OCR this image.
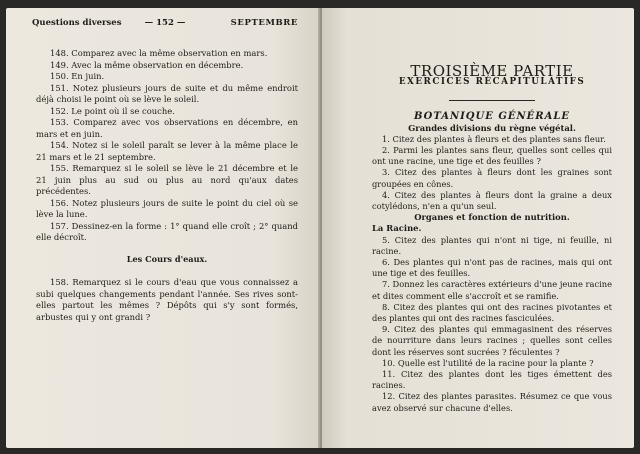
Questions diverses	— 152 —	SEPTEMBRE

148. Comparez avec la même observation en mars.

149. Avec la même observation en décembre.

150. En juin.

151. Notez plusieurs jours de suite et du même endroit déjà choisi le point où se lève le soleil.

152. Le point où il se couche.

153. Comparez avec vos observations en décembre, en mars et en juin.

154. Notez si le soleil paraît se lever à la même place le 21 mars et le 21 septembre.

155. Remarquez si le soleil se lève le 21 décembre et le 21 juin plus au sud ou plus au nord qu'aux dates précédentes.

156. Notez plusieurs jours de suite le point du ciel où se lève la lune.

157. Dessinez-en la forme : 1° quand elle croît ; 2° quand elle décroît.

Les Cours d'eaux.

158. Remarquez si le cours d'eau que vous connaissez a subi quelques changements pendant l'année. Ses rives sont-elles partout les mêmes ? Dépôts qui s'y sont formés, arbustes qui y ont grandi ?

TROISIÈME PARTIE

EXERCICES RÉCAPITULATIFS

BOTANIQUE GÉNÉRALE

Grandes divisions du règne végétal.

1. Citez des plantes à fleurs et des plantes sans fleur.

2. Parmi les plantes sans fleur, quelles sont celles qui ont une racine, une tige et des feuilles ?

3. Citez des plantes à fleurs dont les graines sont groupées en cônes.

4. Citez des plantes à fleurs dont la graine a deux cotylédons, n'en a qu'un seul.

Organes et fonction de nutrition.

La Racine.

5. Citez des plantes qui n'ont ni tige, ni feuille, ni racine.

6. Des plantes qui n'ont pas de racines, mais qui ont une tige et des feuilles.

7. Donnez les caractères extérieurs d'une jeune racine et dites comment elle s'accroît et se ramifie.

8. Citez des plantes qui ont des racines pivotantes et des plantes qui ont des racines fasciculées.

9. Citez des plantes qui emmagasinent des réserves de nourriture dans leurs racines ; quelles sont celles dont les réserves sont sucrées ? féculentes ?

10. Quelle est l'utilité de la racine pour la plante ?

11. Citez des plantes dont les tiges émettent des racines.

12. Citez des plantes parasites. Résumez ce que vous avez observé sur chacune d'elles.
